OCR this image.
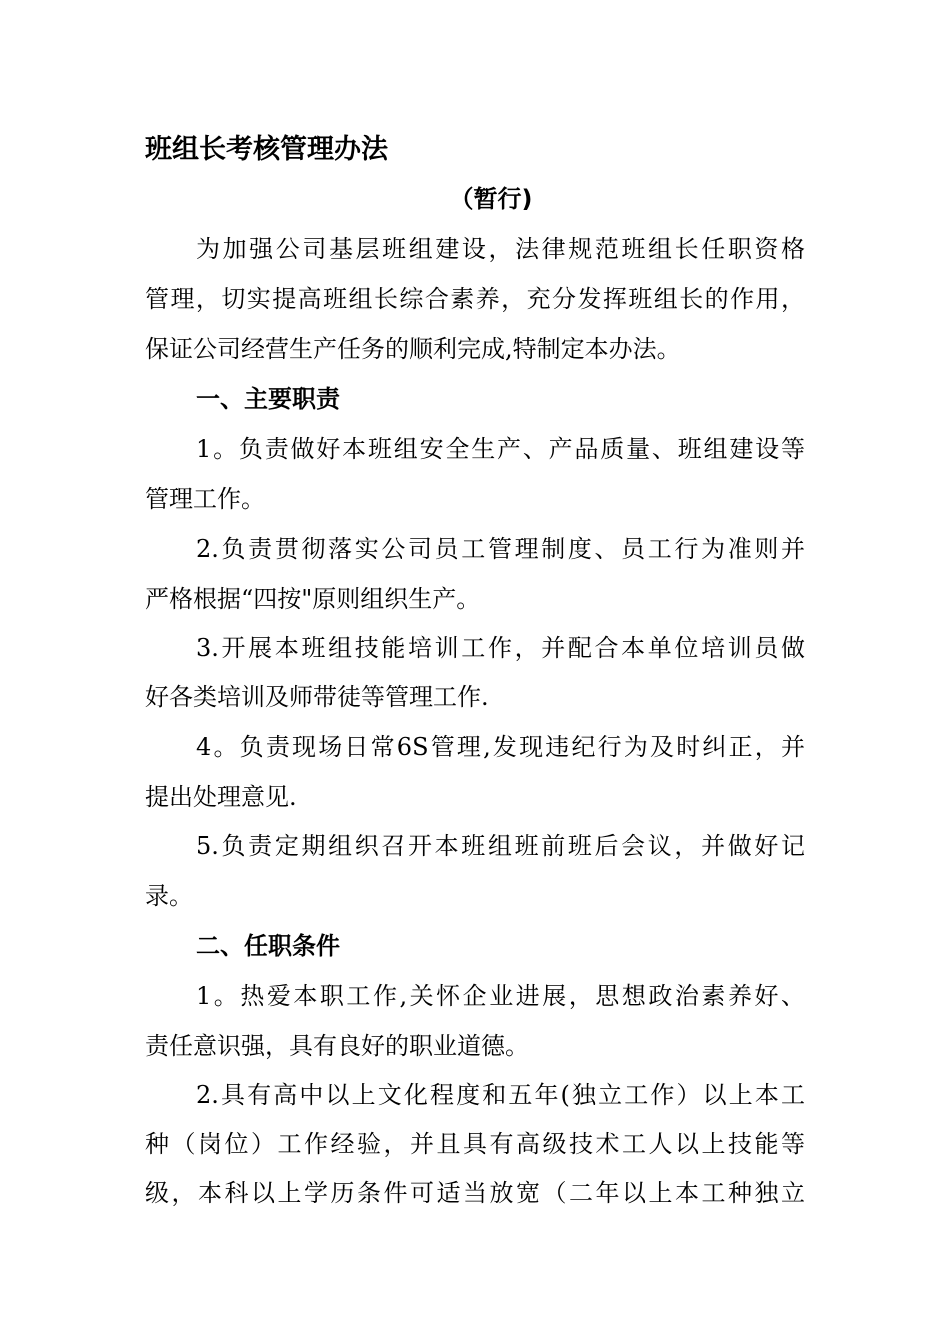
班组长考核管理办法
（暂行)
为加强公司基层班组建设，法律规范班组长任职资格
管理，切实提高班组长综合素养，充分发挥班组长的作用，
保证公司经营生产任务的顺利完成,特制定本办法。
一、主要职责
1。负责做好本班组安全生产、产品质量、班组建设等
管理工作。
2.负责贯彻落实公司员工管理制度、员工行为准则并
严格根据“四按"原则组织生产。
3.开展本班组技能培训工作，并配合本单位培训员做
好各类培训及师带徒等管理工作.
4。负责现场日常6S管理,发现违纪行为及时纠正，并
提出处理意见.
5.负责定期组织召开本班组班前班后会议，并做好记
录。
二、任职条件
1。热爱本职工作,关怀企业进展，思想政治素养好、
责任意识强，具有良好的职业道德。
2.具有高中以上文化程度和五年(独立工作）以上本工
种（岗位）工作经验，并且具有高级技术工人以上技能等
级，本科以上学历条件可适当放宽（二年以上本工种独立
